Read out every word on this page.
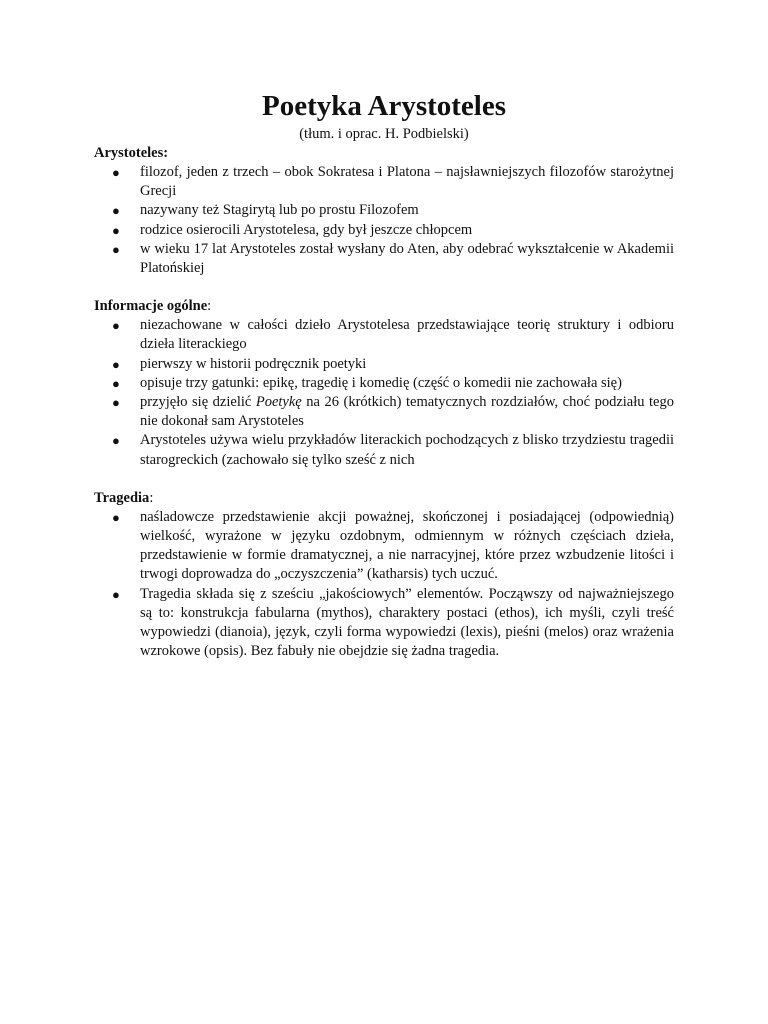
Poetyka Arystoteles

(tłum. i oprac. H. Podbielski)

Arystoteles:

● filozof, jeden z trzech – obok Sokratesa i Platona – najsławniejszych filozofów starożytnej Grecji
● nazywany też Stagirytą lub po prostu Filozofem
● rodzice osierocili Arystotelesa, gdy był jeszcze chłopcem
● w wieku 17 lat Arystoteles został wysłany do Aten, aby odebrać wykształcenie w Akademii Platońskiej

Informacje ogólne:

● niezachowane w całości dzieło Arystotelesa przedstawiające teorię struktury i odbioru dzieła literackiego
● pierwszy w historii podręcznik poetyki
● opisuje trzy gatunki: epikę, tragedię i komedię (część o komedii nie zachowała się)
● przyjęło się dzielić Poetykę na 26 (krótkich) tematycznych rozdziałów, choć podziału tego nie dokonał sam Arystoteles
● Arystoteles używa wielu przykładów literackich pochodzących z blisko trzydziestu tragedii starogreckich (zachowało się tylko sześć z nich

Tragedia:

● naśladowcze przedstawienie akcji poważnej, skończonej i posiadającej (odpowiednią) wielkość, wyrażone w języku ozdobnym, odmiennym w różnych częściach dzieła, przedstawienie w formie dramatycznej, a nie narracyjnej, które przez wzbudzenie litości i trwogi doprowadza do „oczyszczenia” (katharsis) tych uczuć.
● Tragedia składa się z sześciu „jakościowych” elementów. Począwszy od najważniejszego są to: konstrukcja fabularna (mythos), charaktery postaci (ethos), ich myśli, czyli treść wypowiedzi (dianoia), język, czyli forma wypowiedzi (lexis), pieśni (melos) oraz wrażenia wzrokowe (opsis). Bez fabuły nie obejdzie się żadna tragedia.
